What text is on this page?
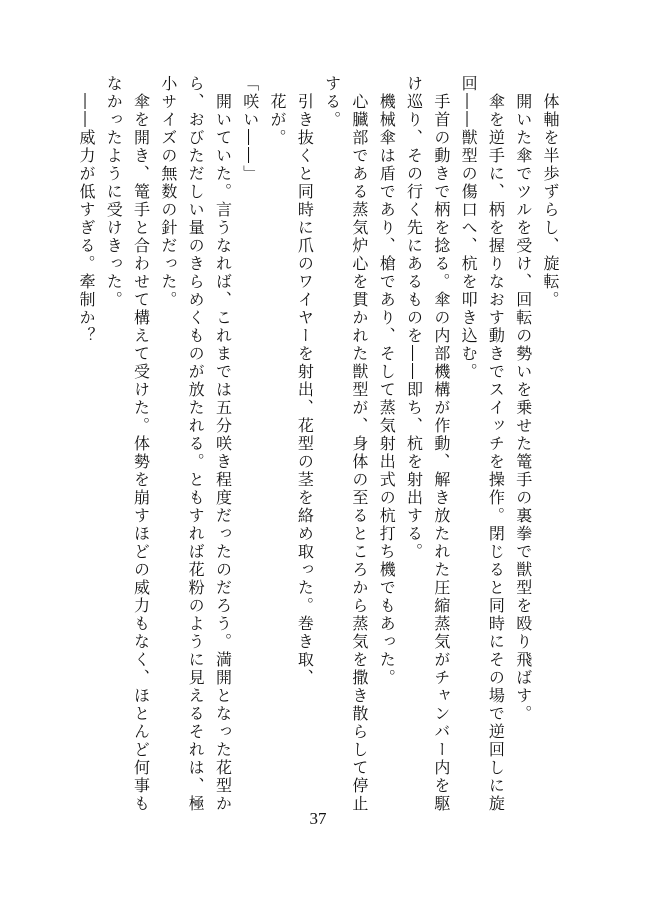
　体軸を半歩ずらし、旋転。
　開いた傘でツルを受け、回転の勢いを乗せた篭手の裏拳で獣型を殴り飛ばす。
　傘を逆手に、柄を握りなおす動きでスイッチを操作。閉じると同時にその場で逆回しに旋
回――獣型の傷口へ、杭を叩き込む。
　手首の動きで柄を捻る。傘の内部機構が作動、解き放たれた圧縮蒸気がチャンバー内を駆
け巡り、その行く先にあるものを――即ち、杭を射出する。
　機械傘は盾であり、槍であり、そして蒸気射出式の杭打ち機でもあった。
　心臓部である蒸気炉心を貫かれた獣型が、身体の至るところから蒸気を撒き散らして停止
する。
　引き抜くと同時に爪のワイヤーを射出、花型の茎を絡め取った。巻き取、
　花が。
「咲い――」
　開いていた。言うなれば、これまでは五分咲き程度だったのだろう。満開となった花型か
ら、おびただしい量のきらめくものが放たれる。ともすれば花粉のように見えるそれは、極
小サイズの無数の針だった。
　傘を開き、篭手と合わせて構えて受けた。体勢を崩すほどの威力もなく、ほとんど何事も
なかったように受けきった。
　――威力が低すぎる。牽制か？
37
